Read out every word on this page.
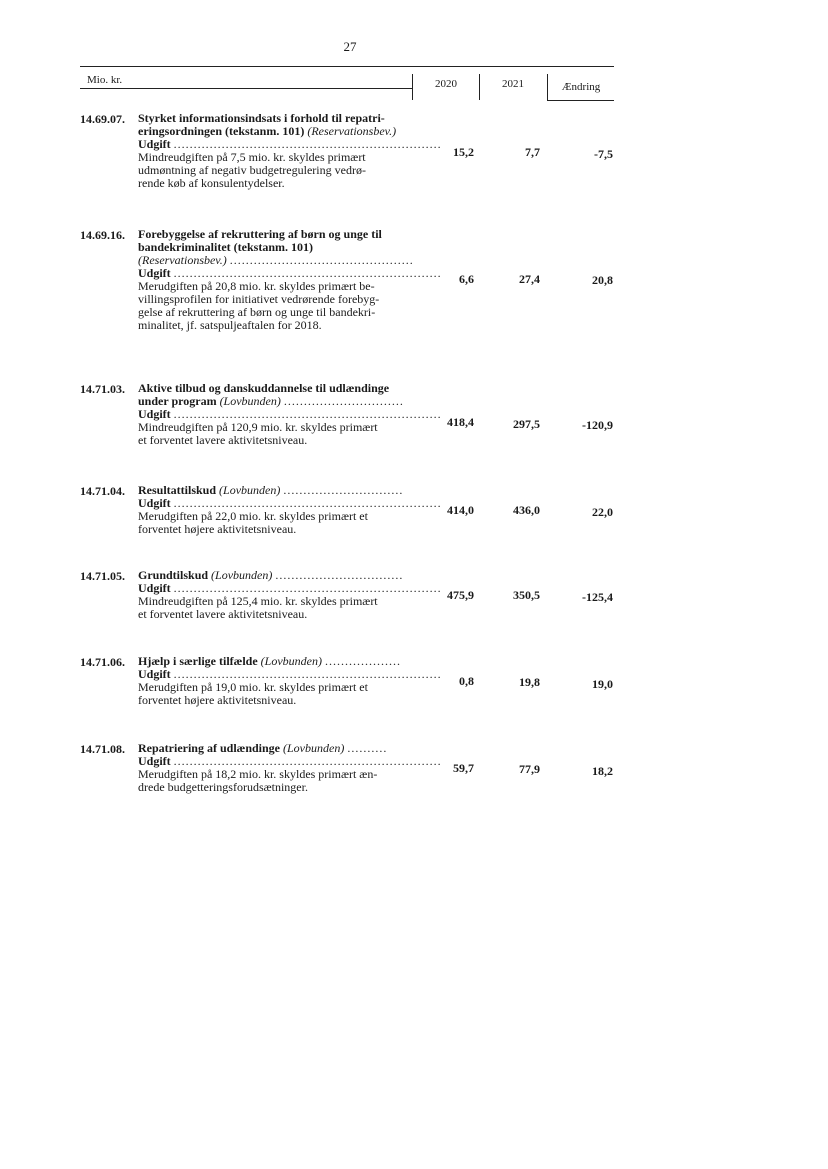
27
Mio. kr.	2020	2021	Ændring
14.69.07. Styrket informationsindsats i forhold til repatri-
eringsordningen (tekstanm. 101) (Reservationsbev.)
Udgift ...................................................................
Mindreudgiften på 7,5 mio. kr. skyldes primært
udmøntning af negativ budgetregulering vedrø-
rende køb af konsulentydelser.
15,2	7,7	-7,5
14.69.16. Forebyggelse af rekruttering af børn og unge til
bandekriminalitet (tekstanm. 101)
(Reservationsbev.) ..............................................
Udgift ...................................................................
Merudgiften på 20,8 mio. kr. skyldes primært be-
villingsprofilen for initiativet vedrørende forebyg-
gelse af rekruttering af børn og unge til bandekri-
minalitet, jf. satspuljeaftalen for 2018.
6,6	27,4	20,8
14.71.03. Aktive tilbud og danskuddannelse til udlændinge
under program (Lovbunden) ..............................
Udgift ...................................................................
Mindreudgiften på 120,9 mio. kr. skyldes primært
et forventet lavere aktivitetsniveau.
418,4	297,5	-120,9
14.71.04. Resultattilskud (Lovbunden) ..............................
Udgift ...................................................................
Merudgiften på 22,0 mio. kr. skyldes primært et
forventet højere aktivitetsniveau.
414,0	436,0	22,0
14.71.05. Grundtilskud (Lovbunden) ................................
Udgift ...................................................................
Mindreudgiften på 125,4 mio. kr. skyldes primært
et forventet lavere aktivitetsniveau.
475,9	350,5	-125,4
14.71.06. Hjælp i særlige tilfælde (Lovbunden) ...................
Udgift ...................................................................
Merudgiften på 19,0 mio. kr. skyldes primært et
forventet højere aktivitetsniveau.
0,8	19,8	19,0
14.71.08. Repatriering af udlændinge (Lovbunden) ..........
Udgift ...................................................................
Merudgiften på 18,2 mio. kr. skyldes primært æn-
drede budgetteringsforudsætninger.
59,7	77,9	18,2
